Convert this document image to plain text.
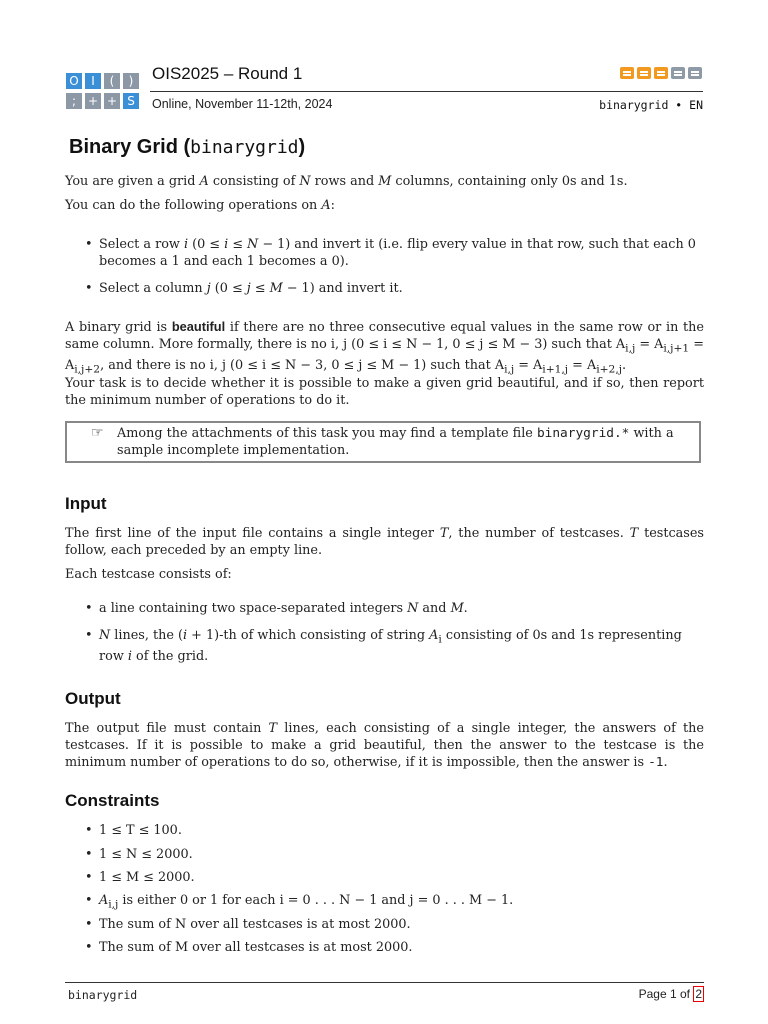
O	I	(	)
; + + S
OIS2025 – Round 1
Online, November 11-12th, 2024	binarygrid • EN
Binary Grid (binarygrid)
You are given a grid A consisting of N rows and M columns, containing only 0s and 1s.
You can do the following operations on A:
• Select a row i (0 ≤ i ≤ N − 1) and invert it (i.e. flip every value in that row, such that each 0 becomes a 1 and each 1 becomes a 0).
• Select a column j (0 ≤ j ≤ M − 1) and invert it.
A binary grid is beautiful if there are no three consecutive equal values in the same row or in the same column. More formally, there is no i, j (0 ≤ i ≤ N − 1, 0 ≤ j ≤ M − 3) such that $A_{i,j} = A_{i,j+1} = A_{i,j+2}$, and there is no i, j (0 ≤ i ≤ N − 3, 0 ≤ j ≤ M − 1) such that $A_{i,j} = A_{i+1,j} = A_{i+2,j}$.
Your task is to decide whether it is possible to make a given grid beautiful, and if so, then report the minimum number of operations to do it.
☞ Among the attachments of this task you may find a template file binarygrid.* with a sample incomplete implementation.
Input
The first line of the input file contains a single integer T, the number of testcases. T testcases follow, each preceded by an empty line.
Each testcase consists of:
• a line containing two space-separated integers N and M.
• N lines, the (i + 1)-th of which consisting of string $A_i$ consisting of 0s and 1s representing row i of the grid.
Output
The output file must contain T lines, each consisting of a single integer, the answers of the testcases. If it is possible to make a grid beautiful, then the answer to the testcase is the minimum number of operations to do so, otherwise, if it is impossible, then the answer is -1.
Constraints
• 1 ≤ T ≤ 100.
• 1 ≤ N ≤ 2000.
• 1 ≤ M ≤ 2000.
• $A_{i,j}$ is either 0 or 1 for each i = 0 . . . N − 1 and j = 0 . . . M − 1.
• The sum of N over all testcases is at most 2000.
• The sum of M over all testcases is at most 2000.
binarygrid	Page 1 of 2
